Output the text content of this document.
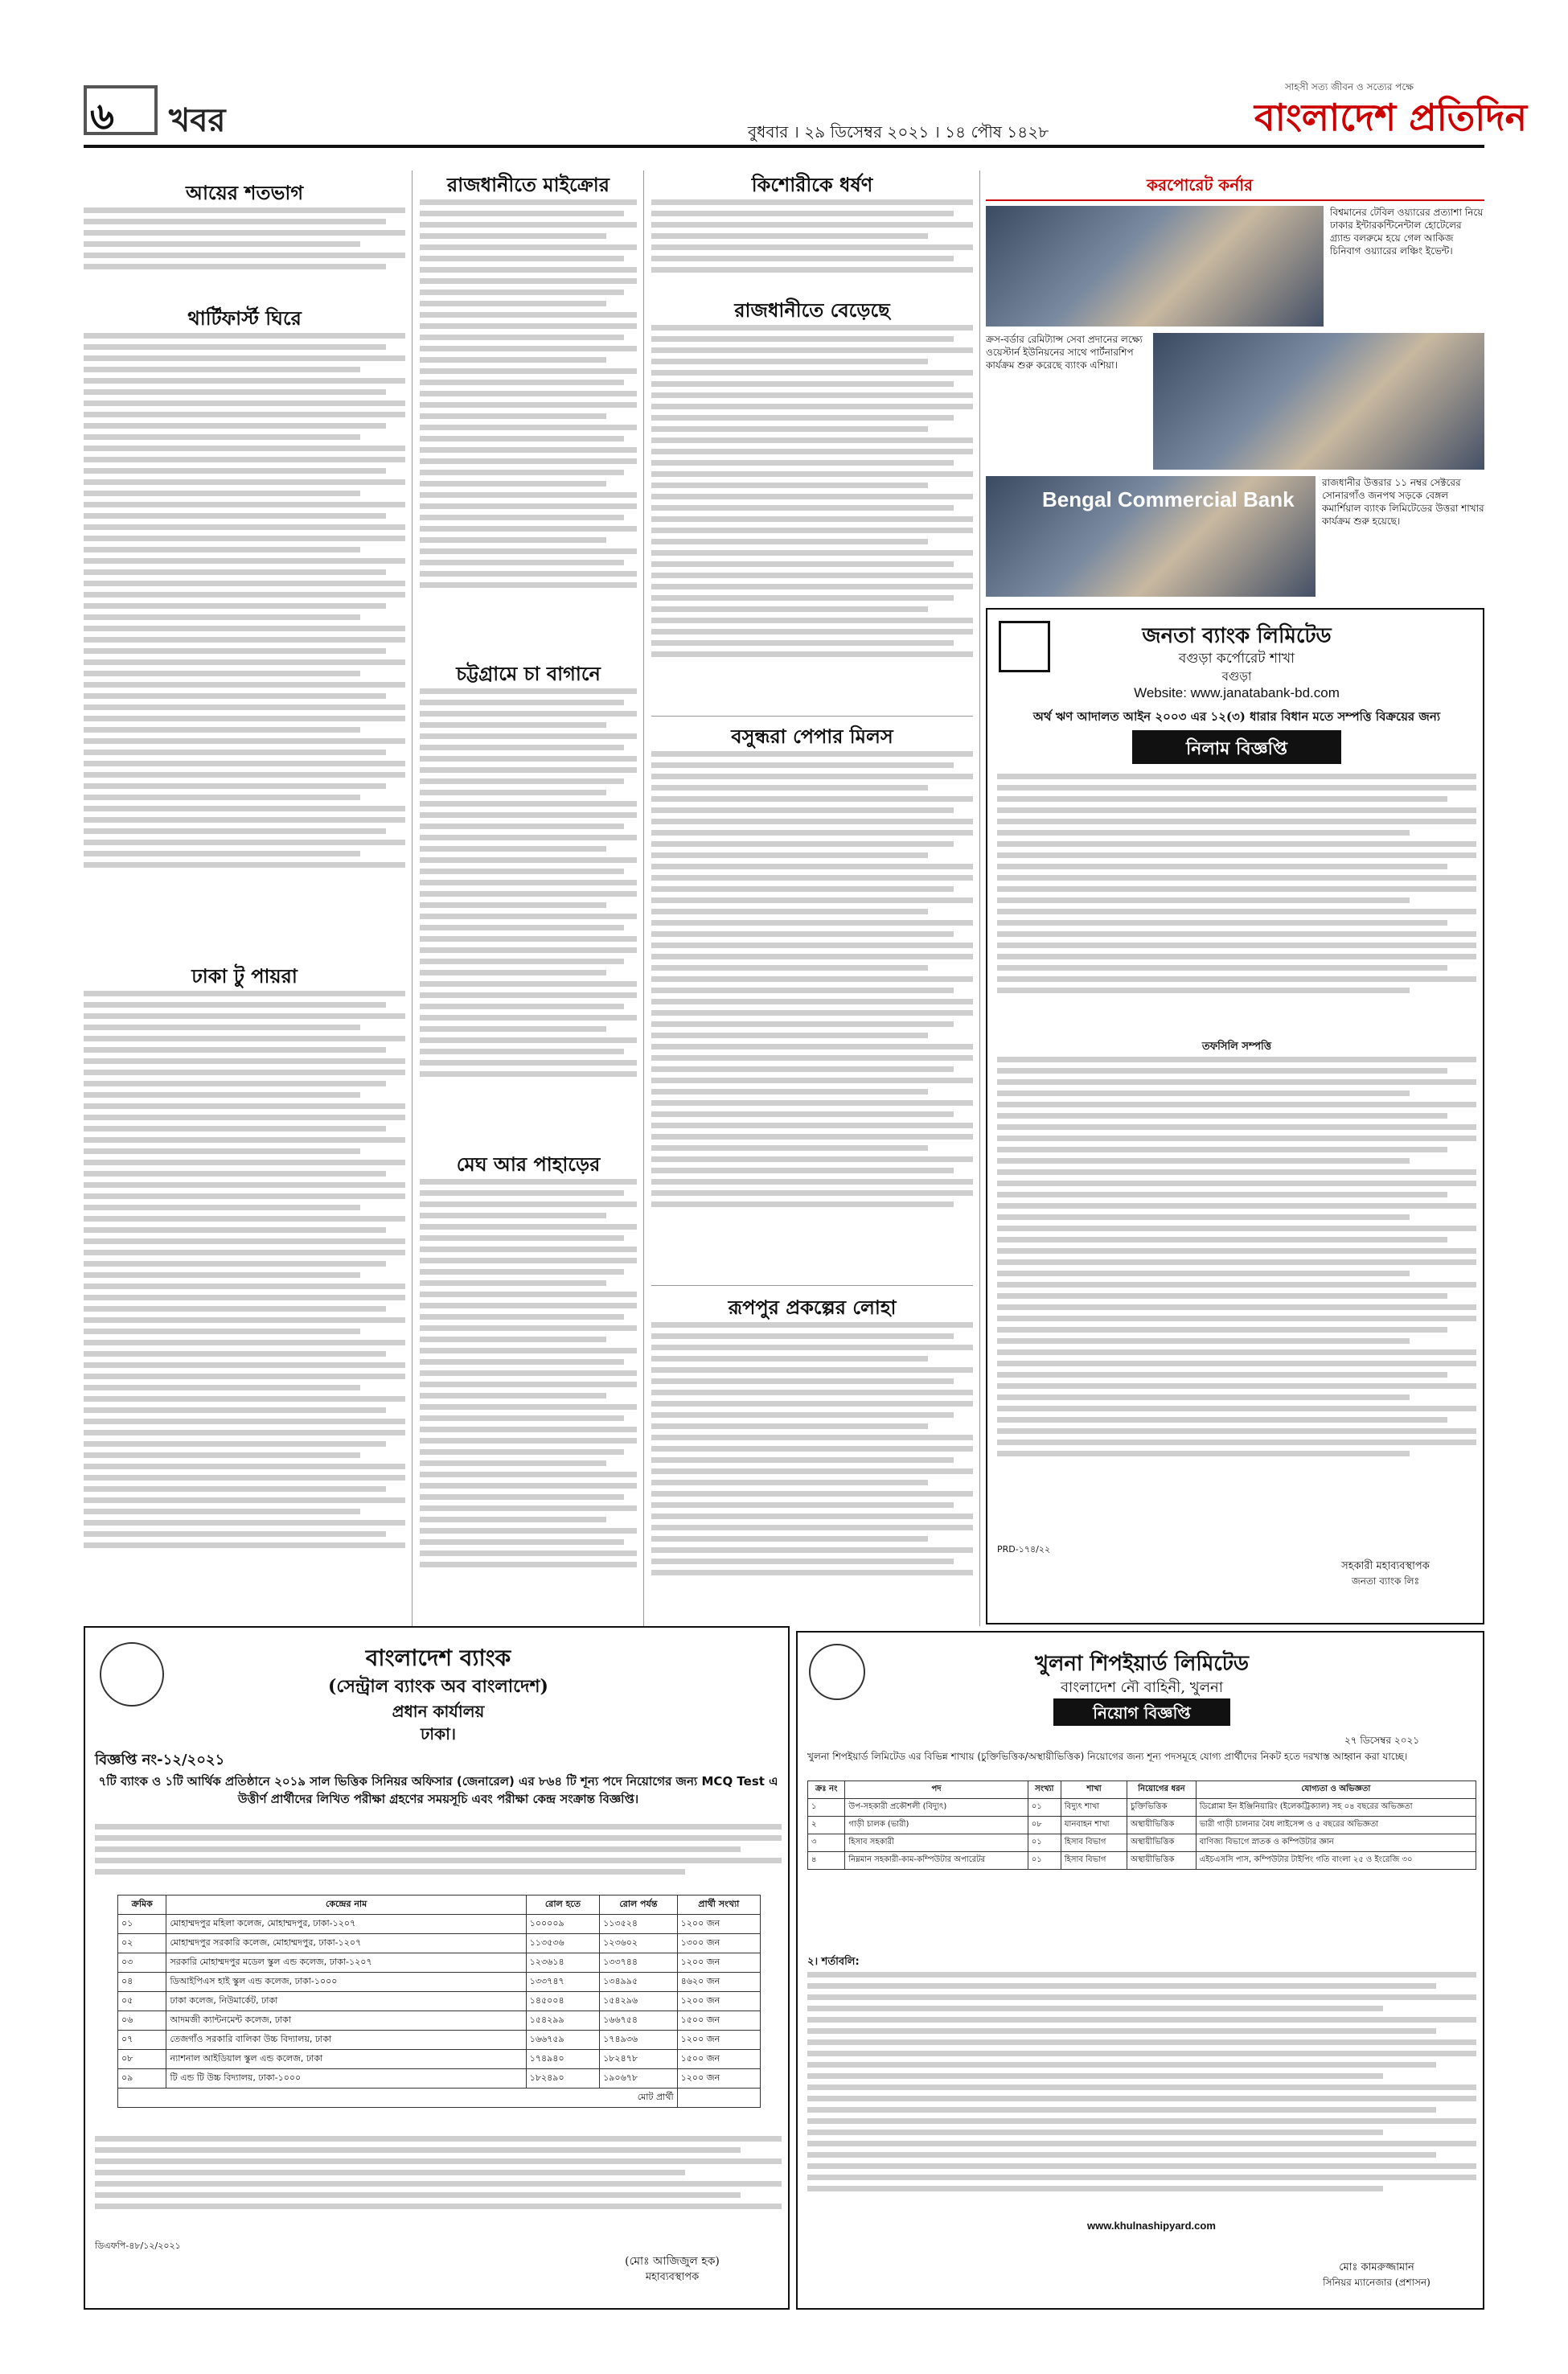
৬ খবর	বুধবার । ২৯ ডিসেম্বর ২০২১ । ১৪ পৌষ ১৪২৮
সাহসী সত্য জীবন ও সত্যের পক্ষে
বাংলাদেশ প্রতিদিন
আয়ের শতভাগ
থার্টিফার্স্ট ঘিরে
ঢাকা টু পায়রা
রাজধানীতে মাইক্রোর
চট্টগ্রামে চা বাগানে
মেঘ আর পাহাড়ের
কিশোরীকে ধর্ষণ
রাজধানীতে বেড়েছে
বসুন্ধরা পেপার মিলস
রূপপুর প্রকল্পের লোহা
করপোরেট কর্নার
বিশ্বমানের টেবিল ওয়্যারের প্রত্যাশা নিয়ে ঢাকার ইন্টারকন্টিনেন্টাল হোটেলের গ্র্যান্ড বলরুমে হয়ে গেল আকিজ চিনিবাগ ওয়্যারের লঞ্চিং ইভেন্ট।
ক্রস-বর্ডার রেমিট্যান্স সেবা প্রদানের লক্ষ্যে ওয়েস্টার্ন ইউনিয়নের সাথে পার্টনারশিপ কার্যক্রম শুরু করেছে ব্যাংক এশিয়া।
Bengal Commercial Bank
রাজধানীর উত্তরার ১১ নম্বর সেক্টরের সোনারগাঁও জনপথ সড়কে বেঙ্গল কমার্শিয়াল ব্যাংক লিমিটেডের উত্তরা শাখার কার্যক্রম শুরু হয়েছে।
জনতা ব্যাংক লিমিটেড
বগুড়া কর্পোরেট শাখা
বগুড়া
Website: www.janatabank-bd.com
অর্থ ঋণ আদালত আইন ২০০৩ এর ১২(৩) ধারার বিধান মতে সম্পত্তি বিক্রয়ের জন্য
নিলাম বিজ্ঞপ্তি
তফসিলি সম্পত্তি
PRD-১৭৪/২২
সহকারী মহাব্যবস্থাপক
জনতা ব্যাংক লিঃ
বাংলাদেশ ব্যাংক
(সেন্ট্রাল ব্যাংক অব বাংলাদেশ)
প্রধান কার্যালয়
ঢাকা।
বিজ্ঞপ্তি নং-১২/২০২১
৭টি ব্যাংক ও ১টি আর্থিক প্রতিষ্ঠানে ২০১৯ সাল ভিত্তিক সিনিয়র অফিসার (জেনারেল) এর ৮৬৪ টি শূন্য পদে নিয়োগের জন্য MCQ Test এ উত্তীর্ণ প্রার্থীদের লিখিত পরীক্ষা গ্রহণের সময়সূচি এবং পরীক্ষা কেন্দ্র সংক্রান্ত বিজ্ঞপ্তি।
ক্রমিক	কেন্দ্রের নাম	রোল হতে	রোল পর্যন্ত	প্রার্থী সংখ্যা
০১	মোহাম্মদপুর মহিলা কলেজ, মোহাম্মদপুর, ঢাকা-১২০৭	১০০০০৯	১১৩৫২৪	১২০০ জন
০২	মোহাম্মদপুর সরকারি কলেজ, মোহাম্মদপুর, ঢাকা-১২০৭	১১৩৫৩৬	১২৩৬০২	১৩০০ জন
০৩	সরকারি মোহাম্মদপুর মডেল স্কুল এন্ড কলেজ, ঢাকা-১২০৭	১২৩৬১৪	১৩৩৭৪৪	১২০০ জন
০৪	ডিআইপিএস হাই স্কুল এন্ড কলেজ, ঢাকা-১০০০	১৩৩৭৪৭	১৩৪৯৯৫	৪৬২০ জন
০৫	ঢাকা কলেজ, নিউমার্কেট, ঢাকা	১৪৫০০৪	১৫৪২৯৬	১২০০ জন
০৬	আদমজী ক্যান্টনমেন্ট কলেজ, ঢাকা	১৫৪২৯৯	১৬৬৭৫৪	১৫০০ জন
০৭	তেজগাঁও সরকারি বালিকা উচ্চ বিদ্যালয়, ঢাকা	১৬৬৭৫৯	১৭৪৯৩৬	১২০০ জন
০৮	ন্যাশনাল আইডিয়াল স্কুল এন্ড কলেজ, ঢাকা	১৭৪৯৪০	১৮২৪৭৮	১৫০০ জন
০৯	টি এন্ড টি উচ্চ বিদ্যালয়, ঢাকা-১০০০	১৮২৪৯০	১৯০৬৭৮	১২০০ জন
মোট প্রার্থী				
ডিএফপি-৪৮/১২/২০২১
(মোঃ আজিজুল হক)
মহাব্যবস্থাপক
খুলনা শিপইয়ার্ড লিমিটেড
বাংলাদেশ নৌ বাহিনী, খুলনা
নিয়োগ বিজ্ঞপ্তি
২৭ ডিসেম্বর ২০২১
খুলনা শিপইয়ার্ড লিমিটেড এর বিভিন্ন শাখায় (চুক্তিভিত্তিক/অস্থায়ীভিত্তিক) নিয়োগের জন্য শূন্য পদসমূহে যোগ্য প্রার্থীদের নিকট হতে দরখাস্ত আহ্বান করা যাচ্ছে।
ক্রঃ নং	পদ	সংখ্যা	শাখা	নিয়োগের ধরন	যোগ্যতা ও অভিজ্ঞতা
১	উপ-সহকারী প্রকৌশলী (বিদ্যুৎ)	০১	বিদ্যুৎ শাখা	চুক্তিভিত্তিক	ডিপ্লোমা ইন ইঞ্জিনিয়ারিং (ইলেকট্রিক্যাল) সহ ০৪ বছরের অভিজ্ঞতা
২	গাড়ী চালক (ভারী)	০৮	যানবাহন শাখা	অস্থায়ীভিত্তিক	ভারী গাড়ী চালনার বৈধ লাইসেন্স ও ৫ বছরের অভিজ্ঞতা
৩	হিসাব সহকারী	০১	হিসাব বিভাগ	অস্থায়ীভিত্তিক	বাণিজ্য বিভাগে স্নাতক ও কম্পিউটার জ্ঞান
৪	নিম্নমান সহকারী-কাম-কম্পিউটার অপারেটর	০১	হিসাব বিভাগ	অস্থায়ীভিত্তিক	এইচএসসি পাস, কম্পিউটার টাইপিং গতি বাংলা ২৫ ও ইংরেজি ৩০
২। শর্তাবলি:
www.khulnashipyard.com
মোঃ কামরুজ্জামান
সিনিয়র ম্যানেজার (প্রশাসন)
